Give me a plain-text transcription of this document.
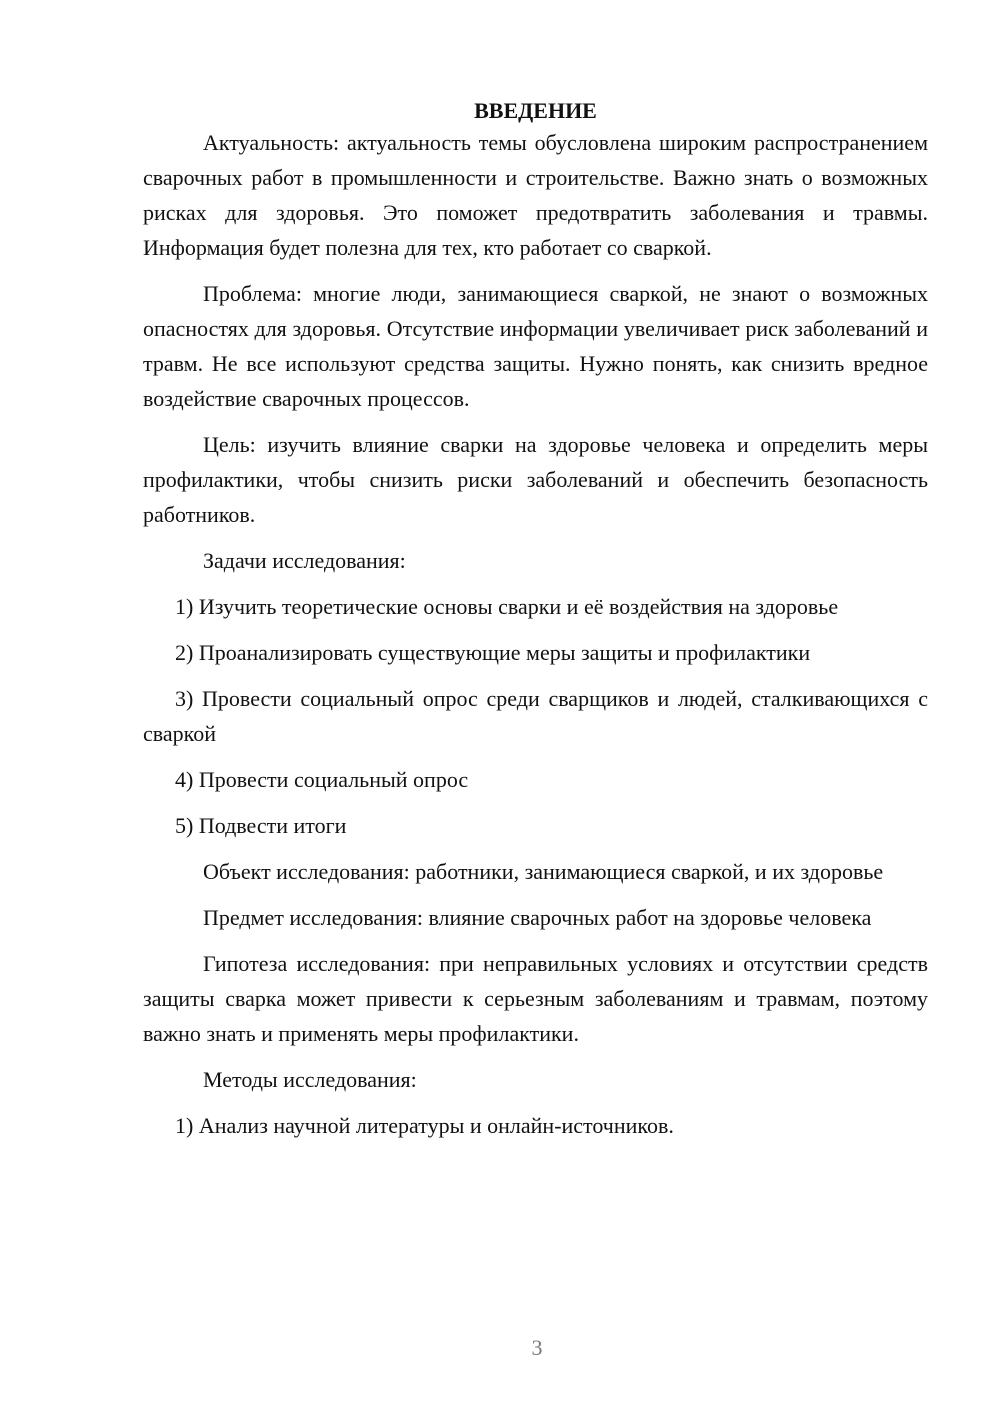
ВВЕДЕНИЕ

Актуальность: актуальность темы обусловлена широким распространением сварочных работ в промышленности и строительстве. Важно знать о возможных рисках для здоровья. Это поможет предотвратить заболевания и травмы. Информация будет полезна для тех, кто работает со сваркой.

Проблема: многие люди, занимающиеся сваркой, не знают о возможных опасностях для здоровья. Отсутствие информации увеличивает риск заболеваний и травм. Не все используют средства защиты. Нужно понять, как снизить вредное воздействие сварочных процессов.

Цель: изучить влияние сварки на здоровье человека и определить меры профилактики, чтобы снизить риски заболеваний и обеспечить безопасность работников.

Задачи исследования:

1) Изучить теоретические основы сварки и её воздействия на здоровье

2) Проанализировать существующие меры защиты и профилактики

3) Провести социальный опрос среди сварщиков и людей, сталкивающихся с сваркой

4) Провести социальный опрос

5) Подвести итоги

Объект исследования: работники, занимающиеся сваркой, и их здоровье

Предмет исследования: влияние сварочных работ на здоровье человека

Гипотеза исследования: при неправильных условиях и отсутствии средств защиты сварка может привести к серьезным заболеваниям и травмам, поэтому важно знать и применять меры профилактики.

Методы исследования:

1) Анализ научной литературы и онлайн-источников.

3
